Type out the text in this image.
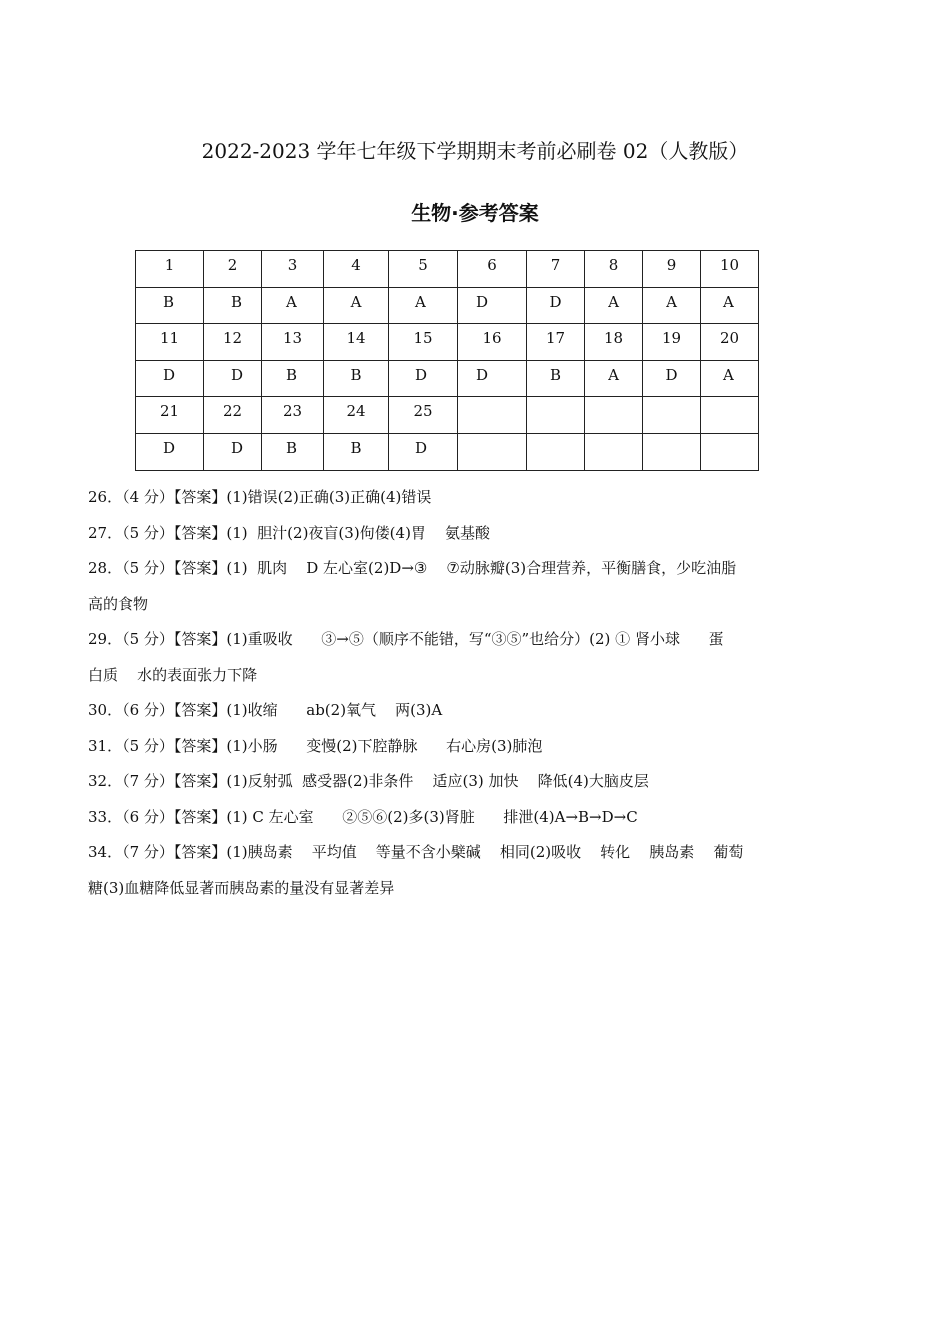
2022-2023 学年七年级下学期期末考前必刷卷 02（人教版）
生物·参考答案
1	2	3	4	5	6	7	8	9	10
B	B	A	A	A	D	D	A	A	A
11	12	13	14	15	16	17	18	19	20
D	D	B	B	D	D	B	A	D	A
21	22	23	24	25					
D	D	B	B	D					
26．（4 分）【答案】(1)错误(2)正确(3)正确(4)错误
27．（5 分）【答案】(1)  胆汁(2)夜盲(3)佝偻(4)胃    氨基酸
28．（5 分）【答案】(1)  肌肉    D 左心室(2)D→③    ⑦动脉瓣(3)合理营养，平衡膳食，少吃油脂
高的食物
29．（5 分）【答案】(1)重吸收      ③→⑤（顺序不能错，写“③⑤”也给分）(2) ① 肾小球      蛋
白质    水的表面张力下降
30．（6 分）【答案】(1)收缩      ab(2)氧气    两(3)A
31．（5 分）【答案】(1)小肠      变慢(2)下腔静脉      右心房(3)肺泡
32．（7 分）【答案】(1)反射弧  感受器(2)非条件    适应(3) 加快    降低(4)大脑皮层
33．（6 分）【答案】(1) C 左心室      ②⑤⑥(2)多(3)肾脏      排泄(4)A→B→D→C
34．（7 分）【答案】(1)胰岛素    平均值    等量不含小檗碱    相同(2)吸收    转化    胰岛素    葡萄
糖(3)血糖降低显著而胰岛素的量没有显著差异
